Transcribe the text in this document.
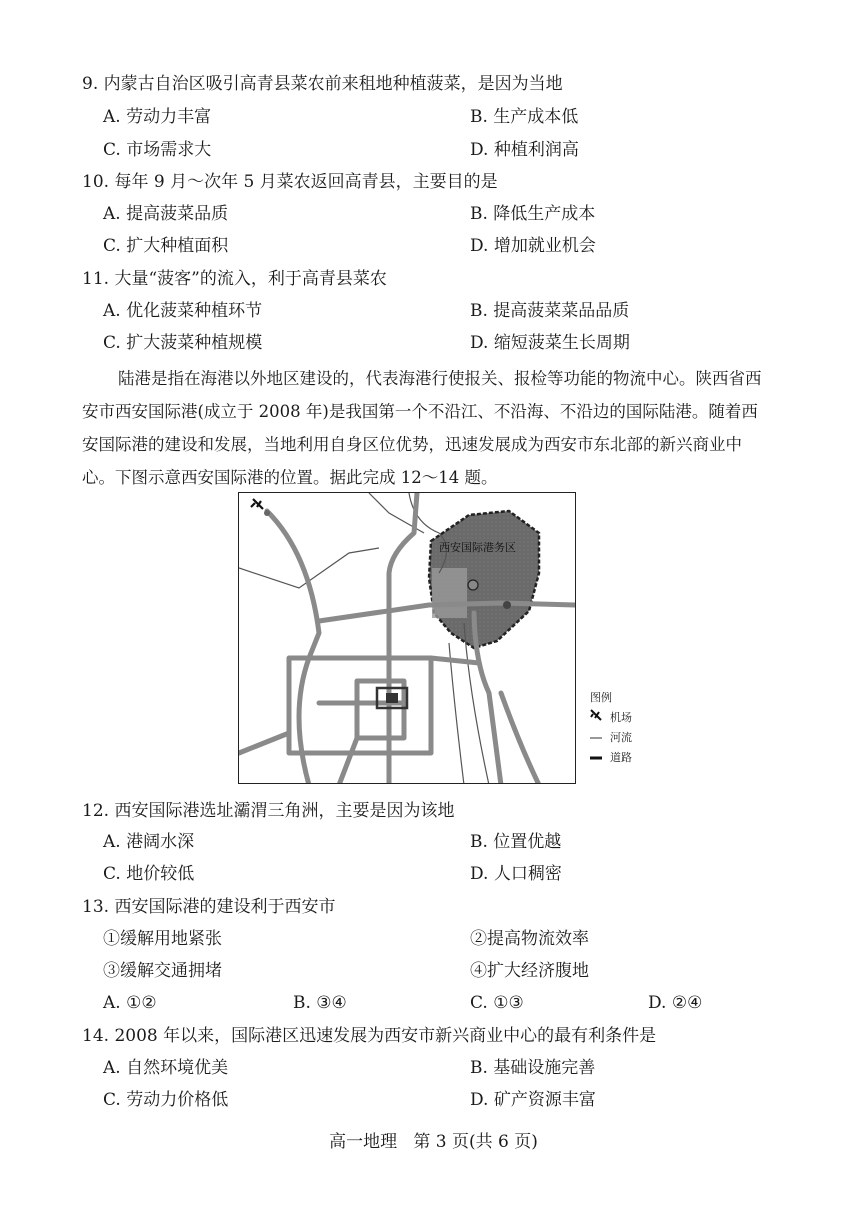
9. 内蒙古自治区吸引高青县菜农前来租地种植菠菜，是因为当地
A. 劳动力丰富	B. 生产成本低
C. 市场需求大	D. 种植利润高
10. 每年 9 月～次年 5 月菜农返回高青县，主要目的是
A. 提高菠菜品质	B. 降低生产成本
C. 扩大种植面积	D. 增加就业机会
11. 大量“菠客”的流入，利于高青县菜农
A. 优化菠菜种植环节	B. 提高菠菜菜品品质
C. 扩大菠菜种植规模	D. 缩短菠菜生长周期

陆港是指在海港以外地区建设的，代表海港行使报关、报检等功能的物流中心。陕西省西

安市西安国际港(成立于 2008 年)是我国第一个不沿江、不沿海、不沿边的国际陆港。随着西

安国际港的建设和发展，当地利用自身区位优势，迅速发展成为西安市东北部的新兴商业中

心。下图示意西安国际港的位置。据此完成 12～14 题。

西安国际港务区
图例
机场
河流
道路
12. 西安国际港选址灞渭三角洲，主要是因为该地
A. 港阔水深	B. 位置优越
C. 地价较低	D. 人口稠密
13. 西安国际港的建设利于西安市
①缓解用地紧张	②提高物流效率
③缓解交通拥堵	④扩大经济腹地
A. ①②	B. ③④	C. ①③	D. ②④
14. 2008 年以来，国际港区迅速发展为西安市新兴商业中心的最有利条件是
A. 自然环境优美	B. 基础设施完善
C. 劳动力价格低	D. 矿产资源丰富
高一地理   第 3 页(共 6 页)
